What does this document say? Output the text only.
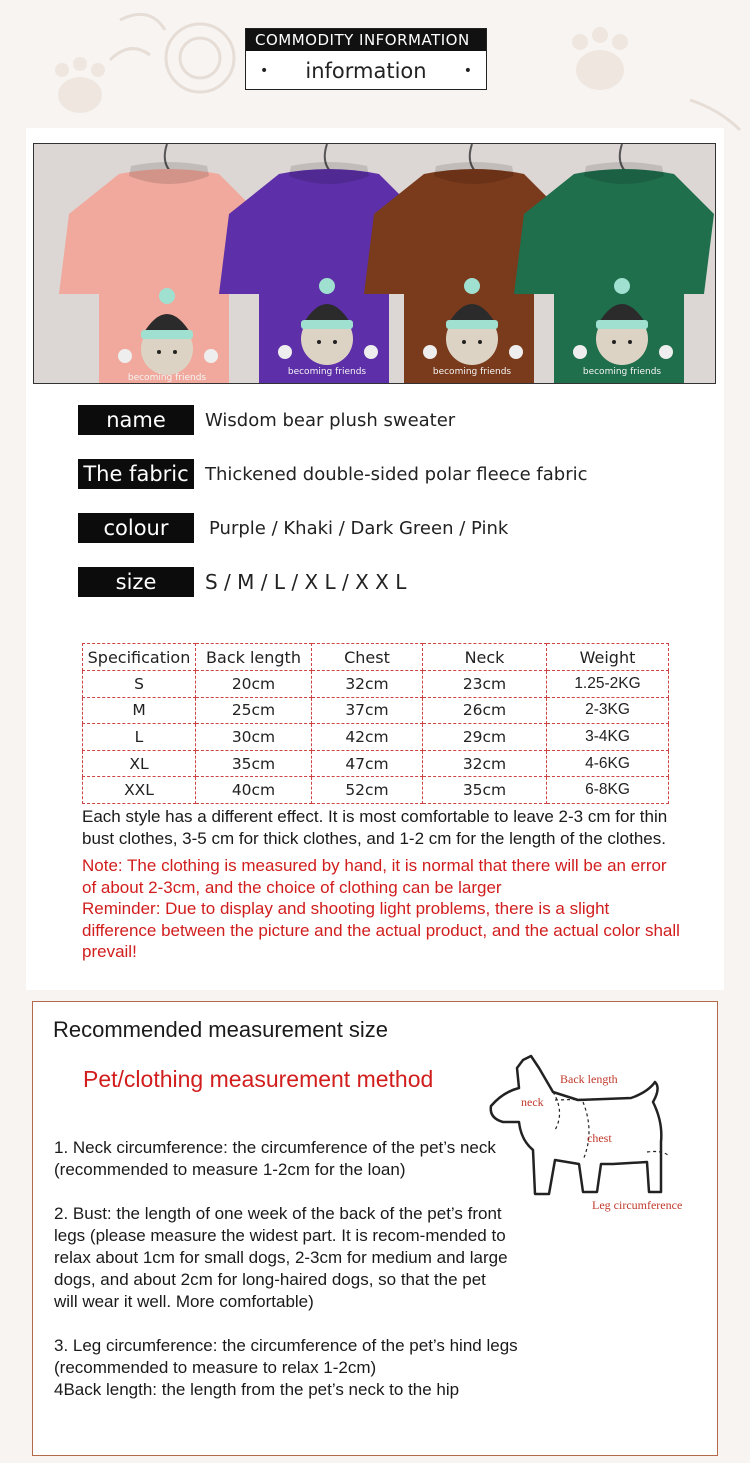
COMMODITY INFORMATION
• information	•
becoming friends
becoming friends	becoming friends	becoming friends
name	Wisdom bear plush sweater
The fabric Thickened double-sided polar fleece fabric
colour	Purple / Khaki / Dark Green / Pink
size	S / M / L / X L / X X L
Specification	Back length	Chest	Neck	Weight
S	20cm	32cm	23cm	1.25-2KG
M	25cm	37cm	26cm	2-3KG
L	30cm	42cm	29cm	3-4KG
XL	35cm	47cm	32cm	4-6KG
XXL	40cm	52cm	35cm	6-8KG

Each style has a different effect. It is most comfortable to leave 2-3 cm for thin bust clothes, 3-5 cm for thick clothes, and 1-2 cm for the length of the clothes.

Note: The clothing is measured by hand, it is normal that there will be an error of about 2-3cm, and the choice of clothing can be larger

Reminder: Due to display and shooting light problems, there is a slight difference between the picture and the actual product, and the actual color shall prevail!

Recommended measurement size
Pet/clothing measurement method
1. Neck circumference: the circumference of the pet’s neck (recommended to measure 1-2cm for the loan)
2. Bust: the length of one week of the back of the pet’s front legs (please measure the widest part. It is recom-mended to relax about 1cm for small dogs, 2-3cm for medium and large dogs, and about 2cm for long-haired dogs, so that the pet will wear it well. More comfortable)
3. Leg circumference: the circumference of the pet’s hind legs (recommended to measure to relax 1-2cm)
4Back length: the length from the pet’s neck to the hip
Back length
neck
chest
Leg circumference
